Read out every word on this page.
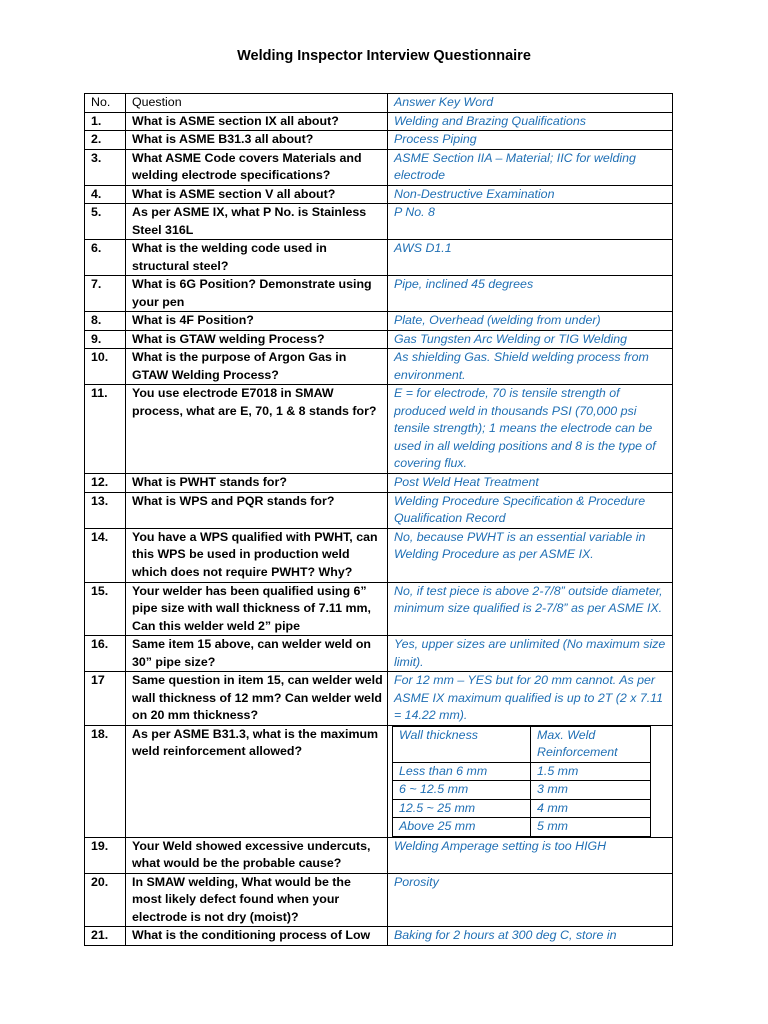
Welding Inspector Interview Questionnaire
No.	Question	Answer Key Word
1.	What is ASME section IX all about?	Welding and Brazing Qualifications
2.	What is ASME B31.3 all about?	Process Piping
3.	What ASME Code covers Materials and welding electrode specifications?	ASME Section IIA – Material; IIC for welding electrode
4.	What is ASME section V all about?	Non-Destructive Examination
5.	As per ASME IX, what P No. is Stainless Steel 316L	P No. 8
6.	What is the welding code used in structural steel?	AWS D1.1
7.	What is 6G Position? Demonstrate using your pen	Pipe, inclined 45 degrees
8.	What is 4F Position?	Plate, Overhead (welding from under)
9.	What is GTAW welding Process?	Gas Tungsten Arc Welding or TIG Welding
10.	What is the purpose of Argon Gas in GTAW Welding Process?	As shielding Gas. Shield welding process from environment.
11.	You use electrode E7018 in SMAW process, what are E, 70, 1 & 8 stands for?	E = for electrode, 70 is tensile strength of produced weld in thousands PSI (70,000 psi tensile strength); 1 means the electrode can be used in all welding positions and 8 is the type of covering flux.
12.	What is PWHT stands for?	Post Weld Heat Treatment
13.	What is WPS and PQR stands for?	Welding Procedure Specification & Procedure Qualification Record
14.	You have a WPS qualified with PWHT, can this WPS be used in production weld which does not require PWHT? Why?	No, because PWHT is an essential variable in Welding Procedure as per ASME IX.
15.	Your welder has been qualified using 6” pipe size with wall thickness of 7.11 mm, Can this welder weld 2” pipe	No, if test piece is above 2-7/8” outside diameter, minimum size qualified is 2-7/8” as per ASME IX.
16.	Same item 15 above, can welder weld on 30” pipe size?	Yes, upper sizes are unlimited (No maximum size limit).
17	Same question in item 15, can welder weld wall thickness of 12 mm? Can welder weld on 20 mm thickness?	For 12 mm – YES but for 20 mm cannot. As per ASME IX maximum qualified is up to 2T (2 x 7.11 = 14.22 mm).
18.	As per ASME B31.3, what is the maximum weld reinforcement allowed?	
Wall thickness	Max. Weld Reinforcement
Less than 6 mm	1.5 mm
6 ~ 12.5 mm	3 mm
12.5 ~ 25 mm	4 mm
Above 25 mm	5 mm

19.	Your Weld showed excessive undercuts, what would be the probable cause?	Welding Amperage setting is too HIGH
20.	In SMAW welding, What would be the most likely defect found when your electrode is not dry (moist)?	Porosity
21.	What is the conditioning process of Low	Baking for 2 hours at 300 deg C, store in
